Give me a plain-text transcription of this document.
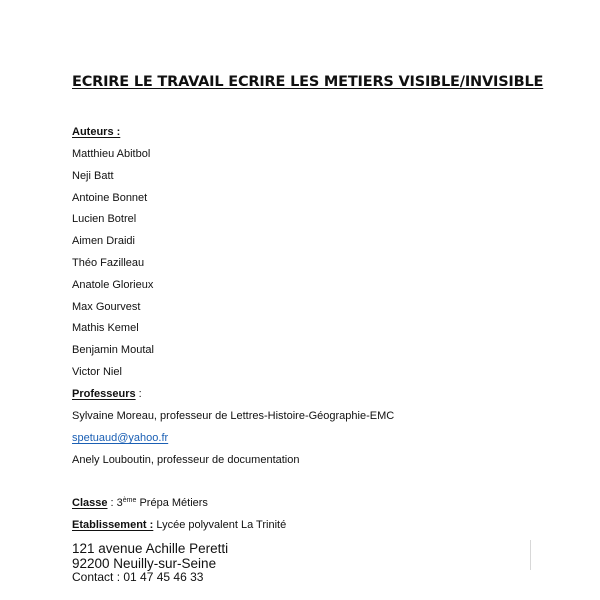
ECRIRE LE TRAVAIL ECRIRE LES METIERS VISIBLE/INVISIBLE
Auteurs :
Matthieu Abitbol
Neji Batt
Antoine Bonnet
Lucien Botrel
Aimen Draidi
Théo Fazilleau
Anatole Glorieux
Max Gourvest
Mathis Kemel
Benjamin Moutal
Victor Niel
Professeurs :
Sylvaine Moreau, professeur de Lettres-Histoire-Géographie-EMC
spetuaud@yahoo.fr
Anely Louboutin, professeur de documentation
Classe : 3ème Prépa Métiers
Etablissement : Lycée polyvalent La Trinité
121 avenue Achille Peretti
92200 Neuilly-sur-Seine
Contact : 01 47 45 46 33
